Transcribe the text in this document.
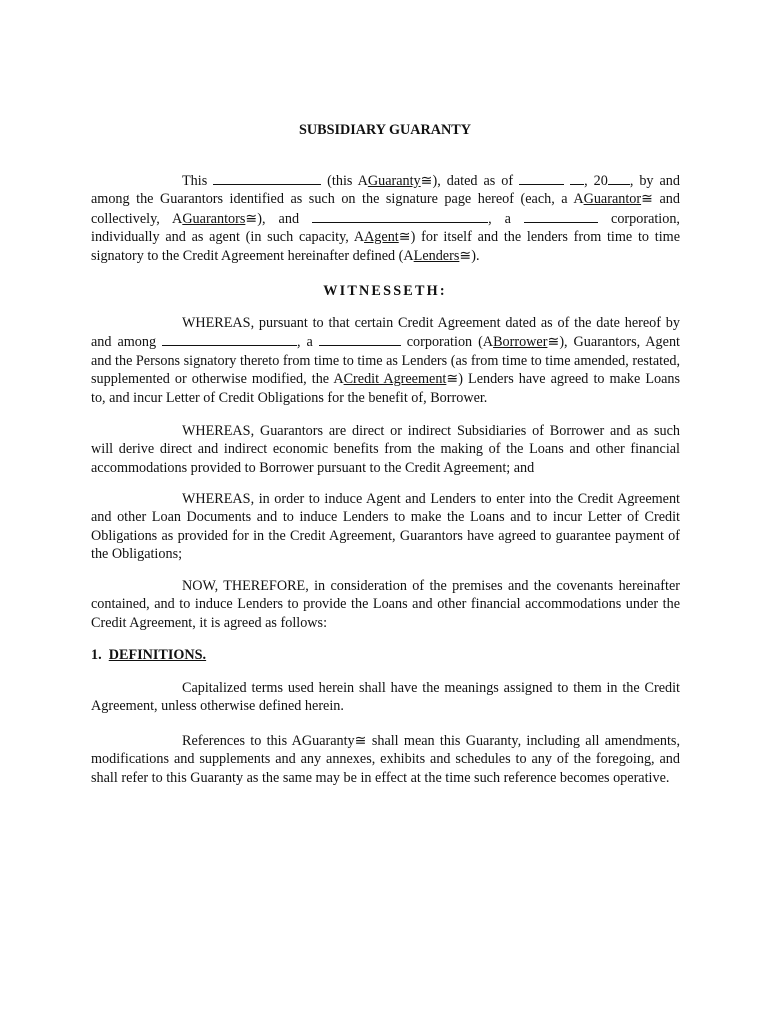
SUBSIDIARY GUARANTY

This	(this AGuaranty≅), dated as of	, 20 , by and among the Guarantors identified as such on the signature page hereof (each, a AGuarantor≅ and collectively, AGuarantors≅), and	, a	corporation, individually and as agent (in such capacity, AAgent≅) for itself and the lenders from time to time signatory to the Credit Agreement hereinafter defined (ALenders≅).

WITNESSETH:

WHEREAS, pursuant to that certain Credit Agreement dated as of the date hereof by and among	, a	corporation (ABorrower≅), Guarantors, Agent and the Persons signatory thereto from time to time as Lenders (as from time to time amended, restated, supplemented or otherwise modified, the ACredit Agreement≅) Lenders have agreed to make Loans to, and incur Letter of Credit Obligations for the benefit of, Borrower.

WHEREAS, Guarantors are direct or indirect Subsidiaries of Borrower and as such will derive direct and indirect economic benefits from the making of the Loans and other financial accommodations provided to Borrower pursuant to the Credit Agreement; and

WHEREAS, in order to induce Agent and Lenders to enter into the Credit Agreement and other Loan Documents and to induce Lenders to make the Loans and to incur Letter of Credit Obligations as provided for in the Credit Agreement, Guarantors have agreed to guarantee payment of the Obligations;

NOW, THEREFORE, in consideration of the premises and the covenants hereinafter contained, and to induce Lenders to provide the Loans and other financial accommodations under the Credit Agreement, it is agreed as follows:

1. DEFINITIONS.

Capitalized terms used herein shall have the meanings assigned to them in the Credit Agreement, unless otherwise defined herein.

References to this AGuaranty≅ shall mean this Guaranty, including all amendments, modifications and supplements and any annexes, exhibits and schedules to any of the foregoing, and shall refer to this Guaranty as the same may be in effect at the time such reference becomes operative.
